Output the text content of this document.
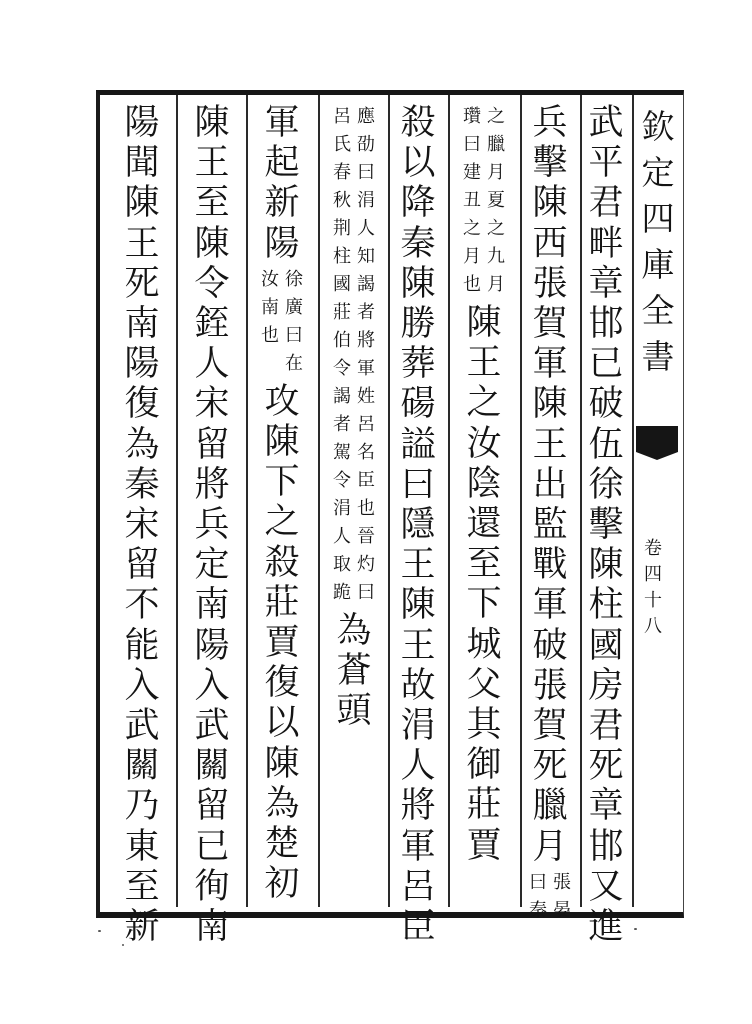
欽
定
四
庫
全
書
卷
四
十
八
武
平
君
畔
章
邯
已
破
伍
徐
擊
陳
柱
國
房
君
死
章
邯
又
進
兵
擊
陳
西
張
賀
軍
陳
王
出
監
戰
軍
破
張
賀
死
臘
月
曰
秦
張
晏
瓚
曰
建
丑
之
月
也
之
臘
月
夏
之
九
月
陳
王
之
汝
陰
還
至
下
城
父
其
御
莊
賈
殺
以
降
秦
陳
勝
葬
碭
謚
曰
隱
王
陳
王
故
涓
人
將
軍
呂
臣
呂
氏
春
秋
荆
柱
國
莊
伯
令
謁
者
駕
令
涓
人
取
跪
應
劭
曰
涓
人
知
謁
者
將
軍
姓
呂
名
臣
也
晉
灼
曰
為
蒼
頭
軍
起
新
陽
汝
南
也
徐
廣
曰
在
攻
陳
下
之
殺
莊
賈
復
以
陳
為
楚
初
陳
王
至
陳
令
銍
人
宋
留
將
兵
定
南
陽
入
武
關
留
已
徇
南
陽
聞
陳
王
死
南
陽
復
為
秦
宋
留
不
能
入
武
關
乃
東
至
新
